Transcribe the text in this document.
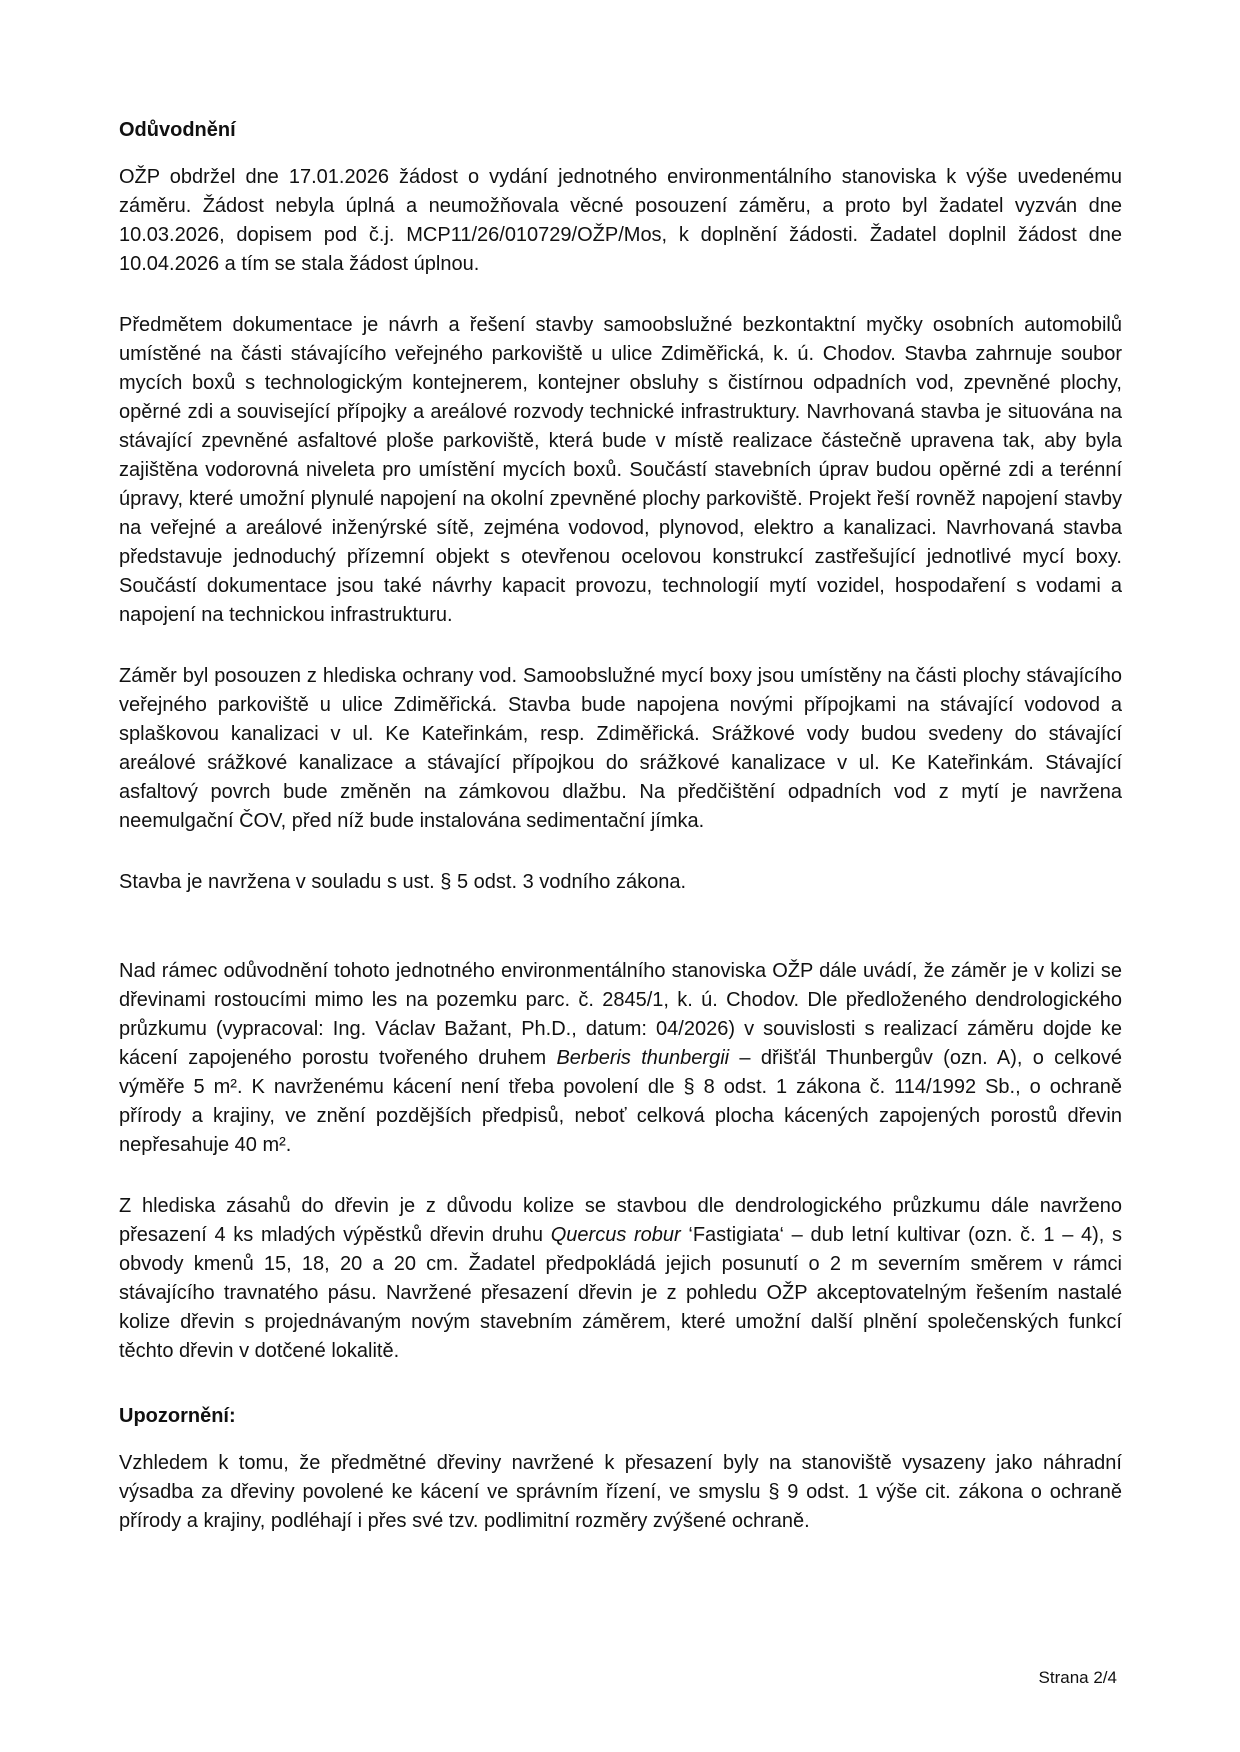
Odůvodnění

OŽP obdržel dne 17.01.2026 žádost o vydání jednotného environmentálního stanoviska k výše uvedenému záměru. Žádost nebyla úplná a neumožňovala věcné posouzení záměru, a proto byl žadatel vyzván dne 10.03.2026, dopisem pod č.j. MCP11/26/010729/OŽP/Mos, k doplnění žádosti. Žadatel doplnil žádost dne 10.04.2026 a tím se stala žádost úplnou.

Předmětem dokumentace je návrh a řešení stavby samoobslužné bezkontaktní myčky osobních automobilů umístěné na části stávajícího veřejného parkoviště u ulice Zdiměřická, k. ú. Chodov. Stavba zahrnuje soubor mycích boxů s technologickým kontejnerem, kontejner obsluhy s čistírnou odpadních vod, zpevněné plochy, opěrné zdi a související přípojky a areálové rozvody technické infrastruktury. Navrhovaná stavba je situována na stávající zpevněné asfaltové ploše parkoviště, která bude v místě realizace částečně upravena tak, aby byla zajištěna vodorovná niveleta pro umístění mycích boxů. Součástí stavebních úprav budou opěrné zdi a terénní úpravy, které umožní plynulé napojení na okolní zpevněné plochy parkoviště. Projekt řeší rovněž napojení stavby na veřejné a areálové inženýrské sítě, zejména vodovod, plynovod, elektro a kanalizaci. Navrhovaná stavba představuje jednoduchý přízemní objekt s otevřenou ocelovou konstrukcí zastřešující jednotlivé mycí boxy. Součástí dokumentace jsou také návrhy kapacit provozu, technologií mytí vozidel, hospodaření s vodami a napojení na technickou infrastrukturu.

Záměr byl posouzen z hlediska ochrany vod. Samoobslužné mycí boxy jsou umístěny na části plochy stávajícího veřejného parkoviště u ulice Zdiměřická. Stavba bude napojena novými přípojkami na stávající vodovod a splaškovou kanalizaci v ul. Ke Kateřinkám, resp. Zdiměřická. Srážkové vody budou svedeny do stávající areálové srážkové kanalizace a stávající přípojkou do srážkové kanalizace v ul. Ke Kateřinkám. Stávající asfaltový povrch bude změněn na zámkovou dlažbu. Na předčištění odpadních vod z mytí je navržena neemulgační ČOV, před níž bude instalována sedimentační jímka.

Stavba je navržena v souladu s ust. § 5 odst. 3 vodního zákona.

Nad rámec odůvodnění tohoto jednotného environmentálního stanoviska OŽP dále uvádí, že záměr je v kolizi se dřevinami rostoucími mimo les na pozemku parc. č. 2845/1, k. ú. Chodov. Dle předloženého dendrologického průzkumu (vypracoval: Ing. Václav Bažant, Ph.D., datum: 04/2026) v souvislosti s realizací záměru dojde ke kácení zapojeného porostu tvořeného druhem Berberis thunbergii – dřišťál Thunbergův (ozn. A), o celkové výměře 5 m². K navrženému kácení není třeba povolení dle § 8 odst. 1 zákona č. 114/1992 Sb., o ochraně přírody a krajiny, ve znění pozdějších předpisů, neboť celková plocha kácených zapojených porostů dřevin nepřesahuje 40 m².

Z hlediska zásahů do dřevin je z důvodu kolize se stavbou dle dendrologického průzkumu dále navrženo přesazení 4 ks mladých výpěstků dřevin druhu Quercus robur ‘Fastigiata‘ – dub letní kultivar (ozn. č. 1 – 4), s obvody kmenů 15, 18, 20 a 20 cm. Žadatel předpokládá jejich posunutí o 2 m severním směrem v rámci stávajícího travnatého pásu. Navržené přesazení dřevin je z pohledu OŽP akceptovatelným řešením nastalé kolize dřevin s projednávaným novým stavebním záměrem, které umožní další plnění společenských funkcí těchto dřevin v dotčené lokalitě.

Upozornění:

Vzhledem k tomu, že předmětné dřeviny navržené k přesazení byly na stanoviště vysazeny jako náhradní výsadba za dřeviny povolené ke kácení ve správním řízení, ve smyslu § 9 odst. 1 výše cit. zákona o ochraně přírody a krajiny, podléhají i přes své tzv. podlimitní rozměry zvýšené ochraně.

Strana 2/4
